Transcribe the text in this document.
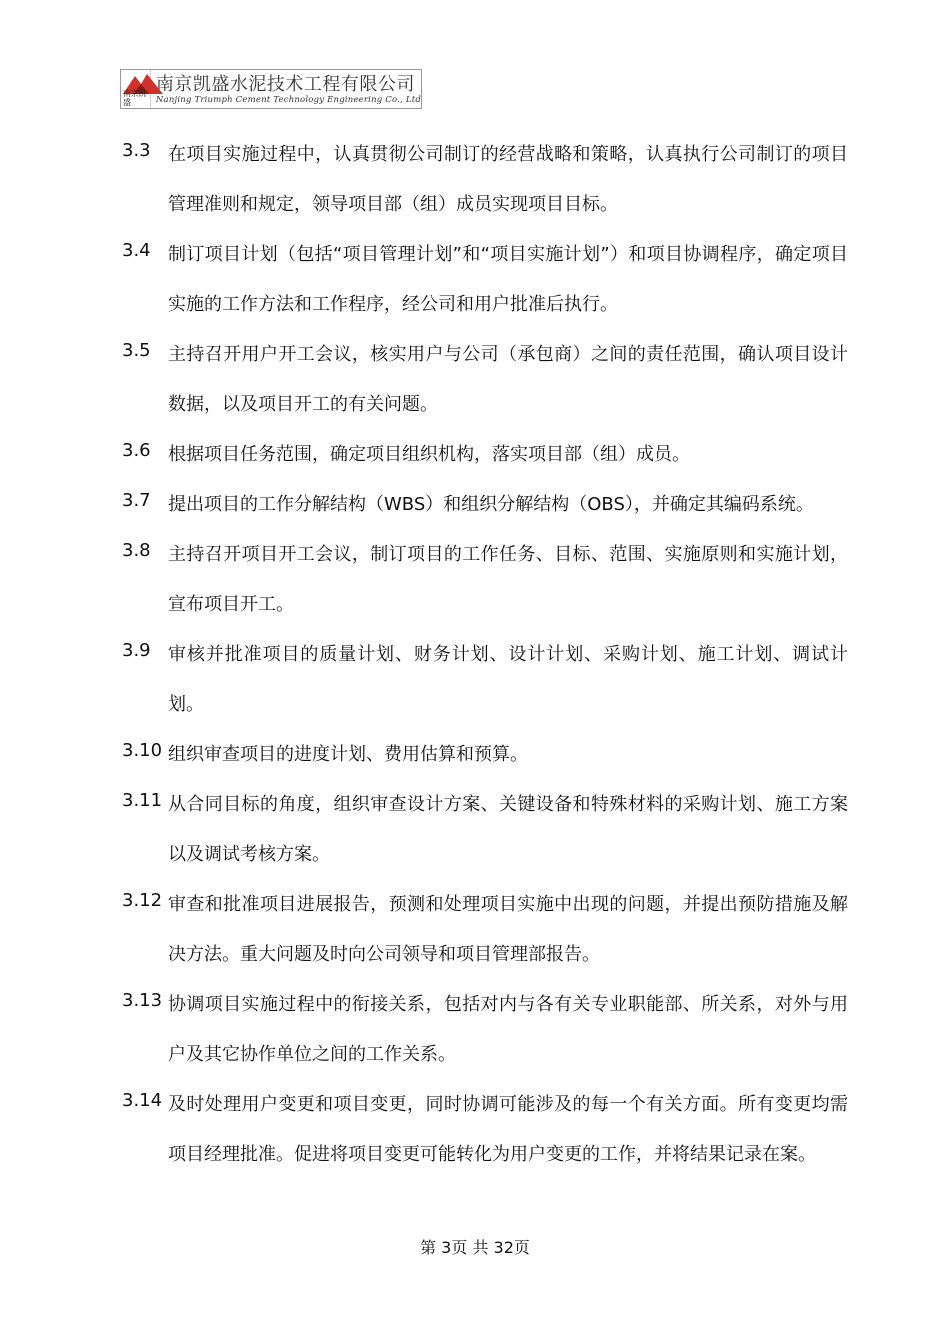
南京凯盛
南京凯盛水泥技术工程有限公司
Nanjing Triumph Cement Technology Engineering Co., Ltd
3.3 在项目实施过程中，认真贯彻公司制订的经营战略和策略，认真执行公司制订的项目管理准则和规定，领导项目部（组）成员实现项目目标。
3.4 制订项目计划（包括“项目管理计划”和“项目实施计划”）和项目协调程序，确定项目实施的工作方法和工作程序，经公司和用户批准后执行。
3.5 主持召开用户开工会议，核实用户与公司（承包商）之间的责任范围，确认项目设计数据，以及项目开工的有关问题。
3.6 根据项目任务范围，确定项目组织机构，落实项目部（组）成员。
3.7 提出项目的工作分解结构（WBS）和组织分解结构（OBS），并确定其编码系统。
3.8 主持召开项目开工会议，制订项目的工作任务、目标、范围、实施原则和实施计划，宣布项目开工。
3.9 审核并批准项目的质量计划、财务计划、设计计划、采购计划、施工计划、调试计划。
3.10 组织审查项目的进度计划、费用估算和预算。
3.11 从合同目标的角度，组织审查设计方案、关键设备和特殊材料的采购计划、施工方案以及调试考核方案。
3.12 审查和批准项目进展报告，预测和处理项目实施中出现的问题，并提出预防措施及解决方法。重大问题及时向公司领导和项目管理部报告。
3.13 协调项目实施过程中的衔接关系，包括对内与各有关专业职能部、所关系，对外与用户及其它协作单位之间的工作关系。
3.14 及时处理用户变更和项目变更，同时协调可能涉及的每一个有关方面。所有变更均需项目经理批准。促进将项目变更可能转化为用户变更的工作，并将结果记录在案。
第 3页 共 32页
